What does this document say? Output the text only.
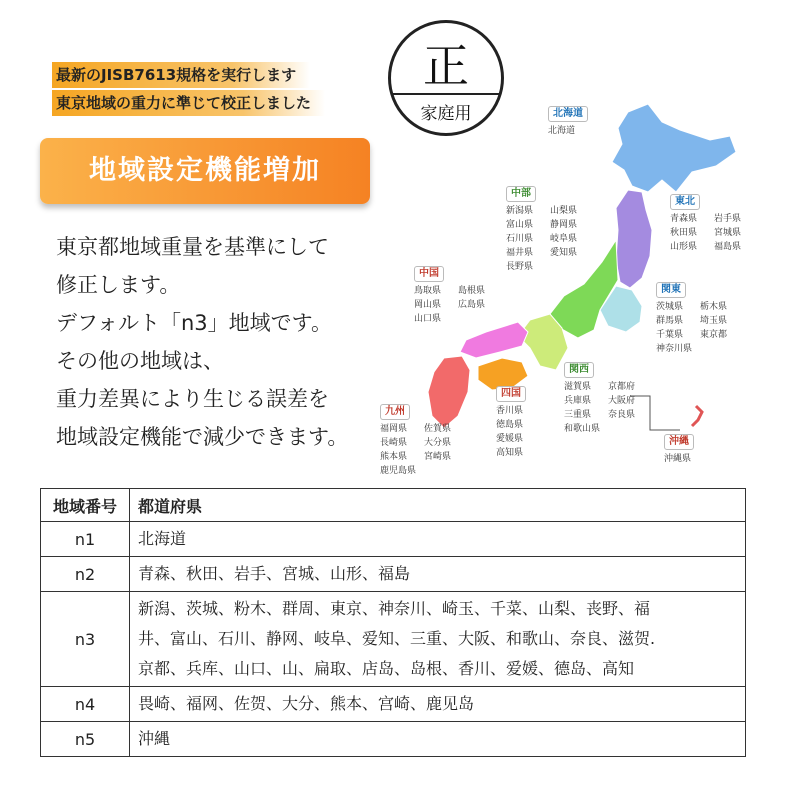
最新のJISB7613規格を実行します
東京地域の重力に準じて校正しました
正
家庭用
地域設定機能増加
東京都地域重量を基準にして
修正します。
デフォルト「n3」地域です。
その他の地域は、
重力差異により生じる誤差を
地域設定機能で減少できます。
北海道
北海道
東北
青森県	岩手県
秋田県	宮城県
山形県	福島県
中部
新潟県	山梨県
富山県	静岡県
石川県	岐阜県
福井県	愛知県
長野県
関東
茨城県	栃木県
群馬県	埼玉県
千葉県	東京都
神奈川県
中国
鳥取県	島根県
岡山県	広島県
山口県
関西
滋賀県	京都府
兵庫県	大阪府
三重県	奈良県
和歌山県
四国
香川県
徳島県
愛媛県
高知県
九州
福岡県	佐賀県
長崎県	大分県
熊本県	宮崎県
鹿児島県
沖縄
沖縄県
地域番号	都道府県
n1	北海道

n2	青森、秋田、岩手、宮城、山形、福島

n3	新潟、茨城、粉木、群周、東京、神奈川、崎玉、千菜、山梨、丧野、福
井、富山、石川、静网、岐阜、爱知、三重、大阪、和歌山、奈良、滋贺.
京都、兵库、山口、山、扁取、店岛、岛根、香川、爱媛、德岛、高知

n4	畏崎、福网、佐贺、大分、熊本、宫崎、鹿见岛

n5	沖縄
